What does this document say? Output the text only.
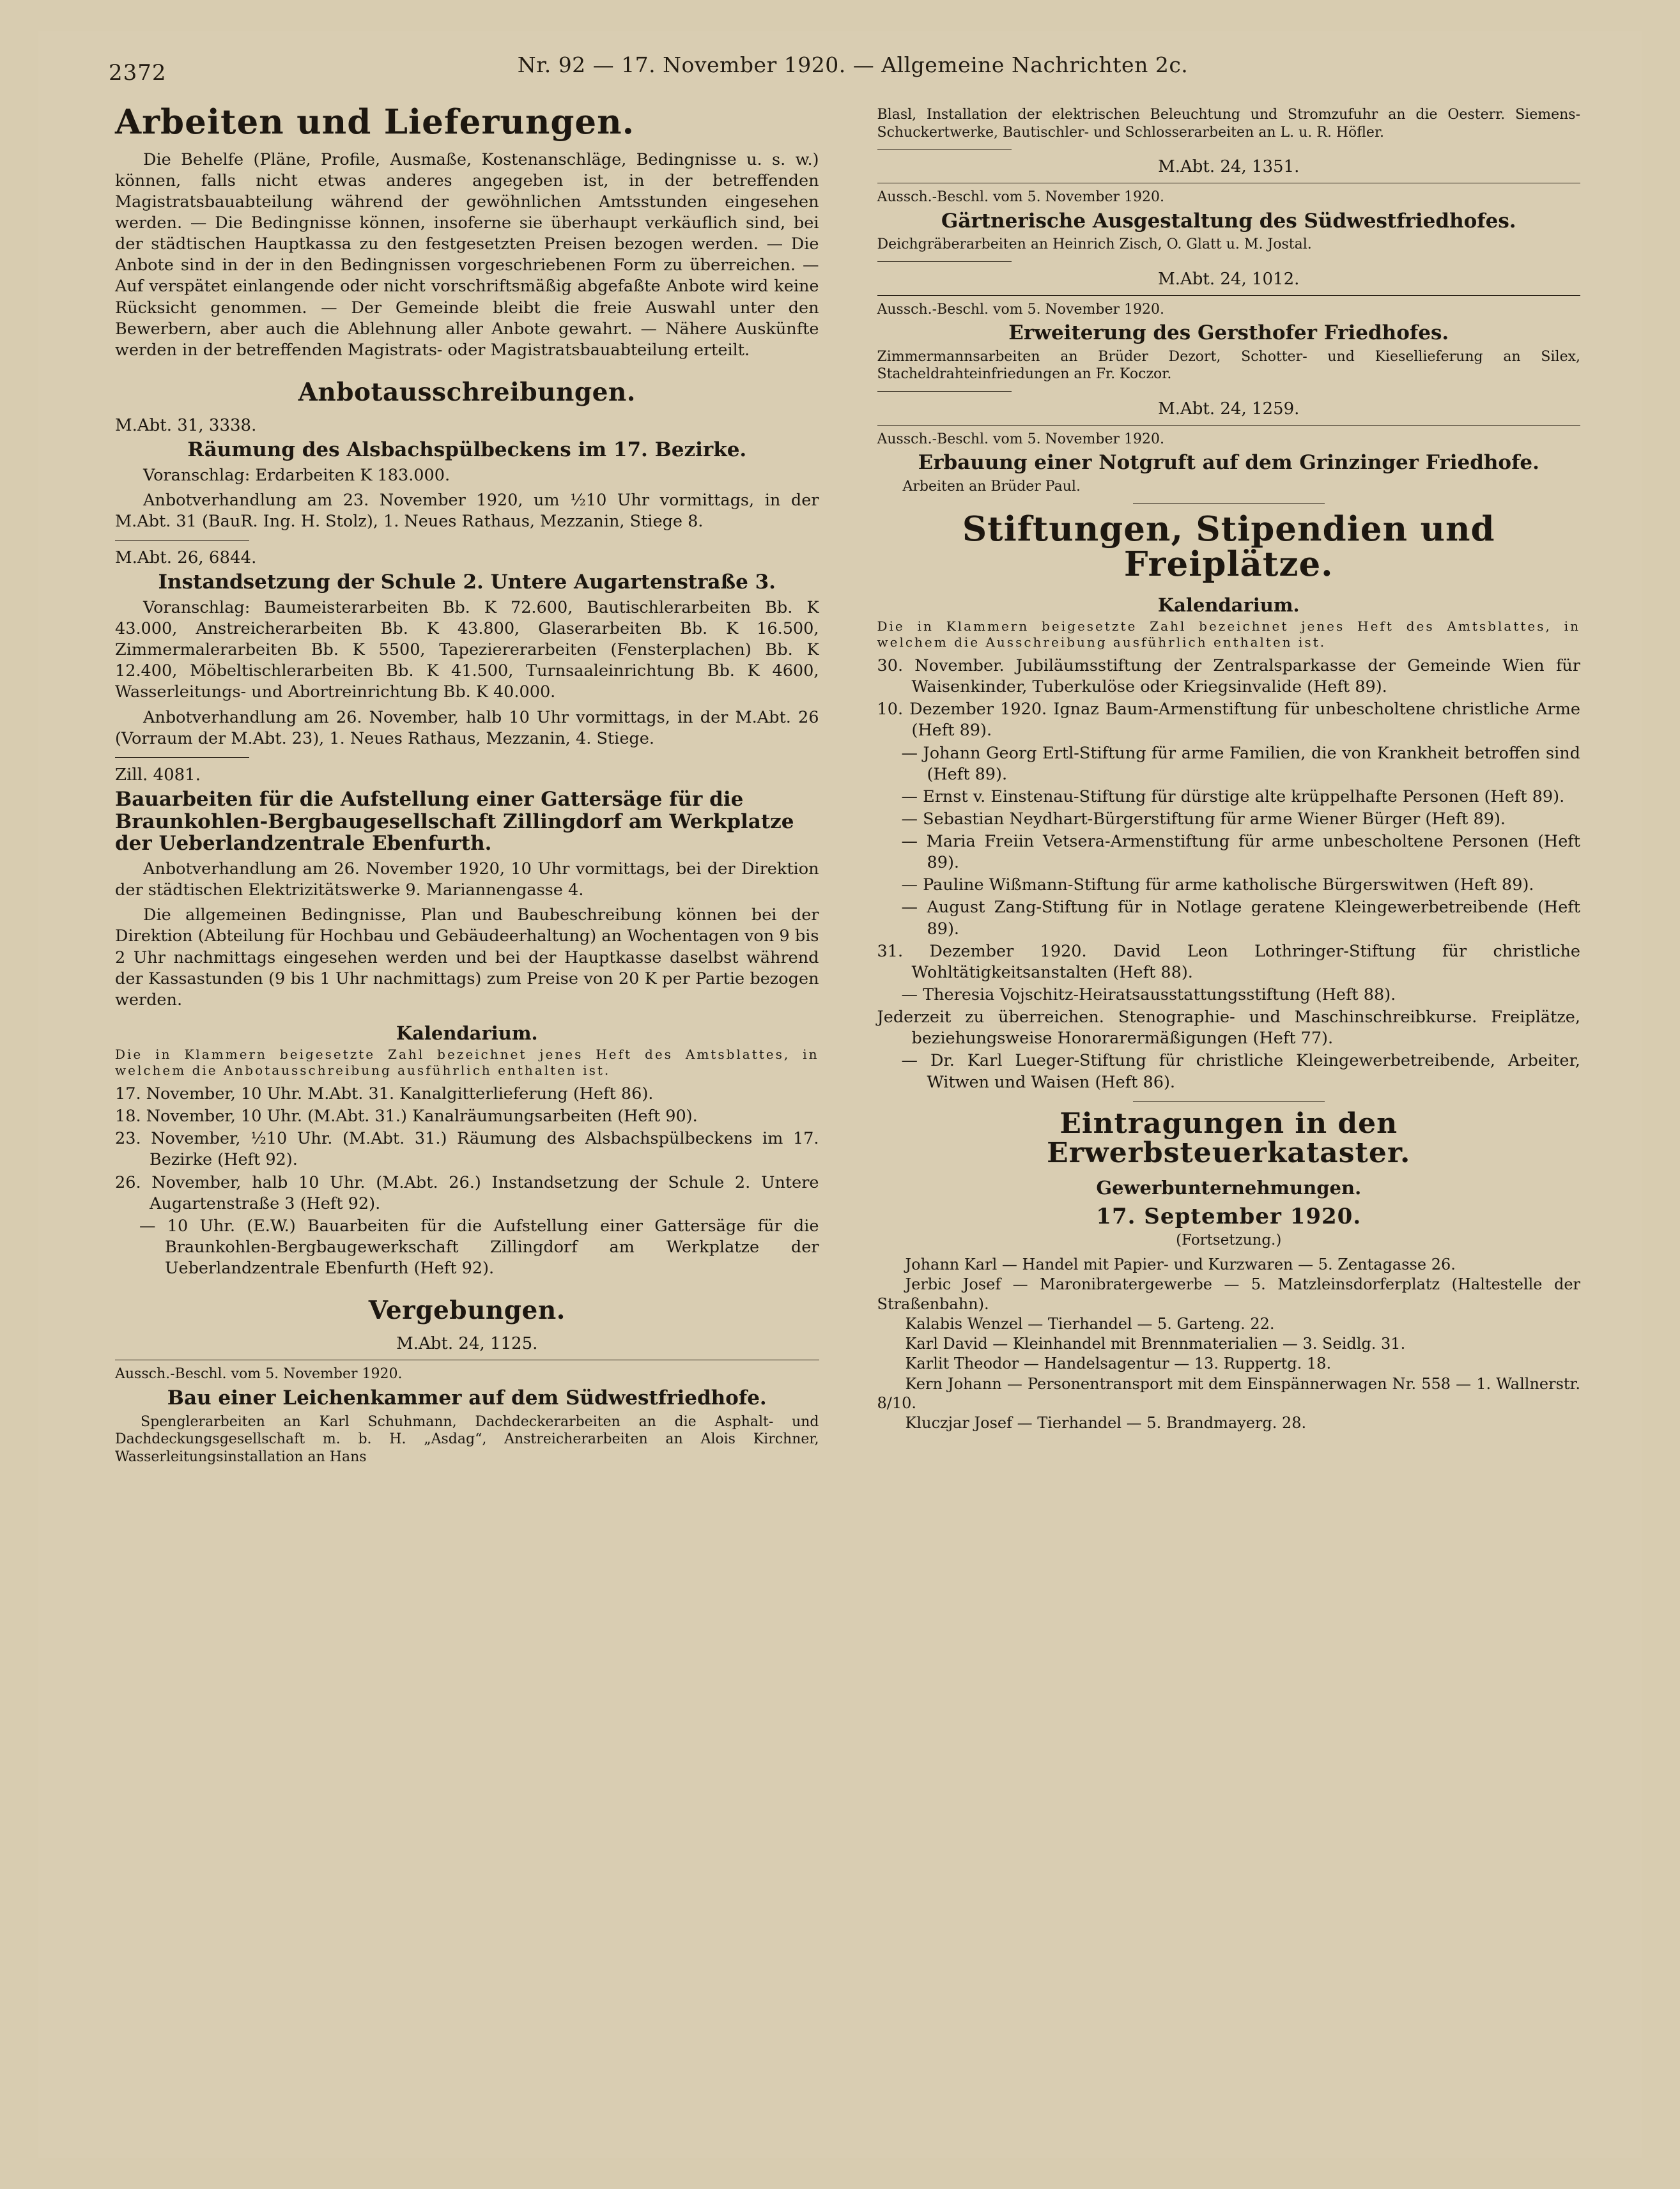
2372	Nr. 92 — 17. November 1920. — Allgemeine Nachrichten 2c.
Arbeiten und Lieferungen.

Die Behelfe (Pläne, Profile, Ausmaße, Kostenanschläge, Bedingnisse u. s. w.) können, falls nicht etwas anderes angegeben ist, in der betreffenden Magistratsbauabteilung während der gewöhnlichen Amtsstunden eingesehen werden. — Die Bedingnisse können, insoferne sie überhaupt verkäuflich sind, bei der städtischen Hauptkassa zu den festgesetzten Preisen bezogen werden. — Die Anbote sind in der in den Bedingnissen vorgeschriebenen Form zu überreichen. — Auf verspätet einlangende oder nicht vorschriftsmäßig abgefaßte Anbote wird keine Rücksicht genommen. — Der Gemeinde bleibt die freie Auswahl unter den Bewerbern, aber auch die Ablehnung aller Anbote gewahrt. — Nähere Auskünfte werden in der betreffenden Magistrats- oder Magistratsbauabteilung erteilt.

Anbotausschreibungen.
M.Abt. 31, 3338.
Räumung des Alsbachspülbeckens im 17. Bezirke.

Voranschlag: Erdarbeiten K 183.000.

Anbotverhandlung am 23. November 1920, um ½10 Uhr vormittags, in der M.Abt. 31 (BauR. Ing. H. Stolz), 1. Neues Rathaus, Mezzanin, Stiege 8.

M.Abt. 26, 6844.
Instandsetzung der Schule 2. Untere Augartenstraße 3.

Voranschlag: Baumeisterarbeiten Bb. K 72.600, Bautischlerarbeiten Bb. K 43.000, Anstreicherarbeiten Bb. K 43.800, Glaserarbeiten Bb. K 16.500, Zimmermalerarbeiten Bb. K 5500, Tapeziererarbeiten (Fensterplachen) Bb. K 12.400, Möbeltischlerarbeiten Bb. K 41.500, Turnsaaleinrichtung Bb. K 4600, Wasserleitungs- und Abortreinrichtung Bb. K 40.000.

Anbotverhandlung am 26. November, halb 10 Uhr vormittags, in der M.Abt. 26 (Vorraum der M.Abt. 23), 1. Neues Rathaus, Mezzanin, 4. Stiege.

Zill. 4081.
Bauarbeiten für die Aufstellung einer Gattersäge für die Braunkohlen-Bergbaugesellschaft Zillingdorf am Werkplatze der Ueberlandzentrale Ebenfurth.

Anbotverhandlung am 26. November 1920, 10 Uhr vormittags, bei der Direktion der städtischen Elektrizitätswerke 9. Mariannengasse 4.

Die allgemeinen Bedingnisse, Plan und Baubeschreibung können bei der Direktion (Abteilung für Hochbau und Gebäudeerhaltung) an Wochentagen von 9 bis 2 Uhr nachmittags eingesehen werden und bei der Hauptkasse daselbst während der Kassastunden (9 bis 1 Uhr nachmittags) zum Preise von 20 K per Partie bezogen werden.

Kalendarium.

Die in Klammern beigesetzte Zahl bezeichnet jenes Heft des Amtsblattes, in welchem die Anbotausschreibung ausführlich enthalten ist.

17. November, 10 Uhr. M.Abt. 31. Kanalgitterlieferung (Heft 86).
18. November, 10 Uhr. (M.Abt. 31.) Kanalräumungsarbeiten (Heft 90).
23. November, ½10 Uhr. (M.Abt. 31.) Räumung des Alsbachspülbeckens im 17. Bezirke (Heft 92).
26. November, halb 10 Uhr. (M.Abt. 26.) Instandsetzung der Schule 2. Untere Augartenstraße 3 (Heft 92).
— 10 Uhr. (E.W.) Bauarbeiten für die Aufstellung einer Gattersäge für die Braunkohlen-Bergbaugewerkschaft Zillingdorf am Werkplatze der Ueberlandzentrale Ebenfurth (Heft 92).
Vergebungen.
M.Abt. 24, 1125.
Aussch.-Beschl. vom 5. November 1920.
Bau einer Leichenkammer auf dem Südwestfriedhofe.

Spenglerarbeiten an Karl Schuhmann, Dachdeckerarbeiten an die Asphalt- und Dachdeckungsgesellschaft m. b. H. „Asdag“, Anstreicherarbeiten an Alois Kirchner, Wasserleitungsinstallation an Hans

Blasl, Installation der elektrischen Beleuchtung und Stromzufuhr an die Oesterr. Siemens-Schuckertwerke, Bautischler- und Schlosserarbeiten an L. u. R. Höfler.

M.Abt. 24, 1351.
Aussch.-Beschl. vom 5. November 1920.
Gärtnerische Ausgestaltung des Südwestfriedhofes.

Deichgräberarbeiten an Heinrich Zisch, O. Glatt u. M. Jostal.

M.Abt. 24, 1012.
Aussch.-Beschl. vom 5. November 1920.
Erweiterung des Gersthofer Friedhofes.

Zimmermannsarbeiten an Brüder Dezort, Schotter- und Kiesellieferung an Silex, Stacheldrahteinfriedungen an Fr. Koczor.

M.Abt. 24, 1259.
Aussch.-Beschl. vom 5. November 1920.
Erbauung einer Notgruft auf dem Grinzinger Friedhofe.

Arbeiten an Brüder Paul.

Stiftungen, Stipendien und Freiplätze.
Kalendarium.

Die in Klammern beigesetzte Zahl bezeichnet jenes Heft des Amtsblattes, in welchem die Ausschreibung ausführlich enthalten ist.

30. November. Jubiläumsstiftung der Zentralsparkasse der Gemeinde Wien für Waisenkinder, Tuberkulöse oder Kriegsinvalide (Heft 89).
10. Dezember 1920. Ignaz Baum-Armenstiftung für unbescholtene christliche Arme (Heft 89).
— Johann Georg Ertl-Stiftung für arme Familien, die von Krankheit betroffen sind (Heft 89).
— Ernst v. Einstenau-Stiftung für dürstige alte krüppelhafte Personen (Heft 89).
— Sebastian Neydhart-Bürgerstiftung für arme Wiener Bürger (Heft 89).
— Maria Freiin Vetsera-Armenstiftung für arme unbescholtene Personen (Heft 89).
— Pauline Wißmann-Stiftung für arme katholische Bürgerswitwen (Heft 89).
— August Zang-Stiftung für in Notlage geratene Kleingewerbetreibende (Heft 89).
31. Dezember 1920. David Leon Lothringer-Stiftung für christliche Wohltätigkeitsanstalten (Heft 88).
— Theresia Vojschitz-Heiratsausstattungsstiftung (Heft 88).
Jederzeit zu überreichen. Stenographie- und Maschinschreibkurse. Freiplätze, beziehungsweise Honorarermäßigungen (Heft 77).
— Dr. Karl Lueger-Stiftung für christliche Kleingewerbetreibende, Arbeiter, Witwen und Waisen (Heft 86).
Eintragungen in den Erwerbsteuerkataster.
Gewerbunternehmungen.
17. September 1920.
(Fortsetzung.)
Johann Karl — Handel mit Papier- und Kurzwaren — 5. Zentagasse 26.
Jerbic Josef — Maronibratergewerbe — 5. Matzleinsdorferplatz (Haltestelle der Straßenbahn).
Kalabis Wenzel — Tierhandel — 5. Garteng. 22.
Karl David — Kleinhandel mit Brennmaterialien — 3. Seidlg. 31.
Karlit Theodor — Handelsagentur — 13. Ruppertg. 18.
Kern Johann — Personentransport mit dem Einspännerwagen Nr. 558 — 1. Wallnerstr. 8/10.
Kluczjar Josef — Tierhandel — 5. Brandmayerg. 28.
